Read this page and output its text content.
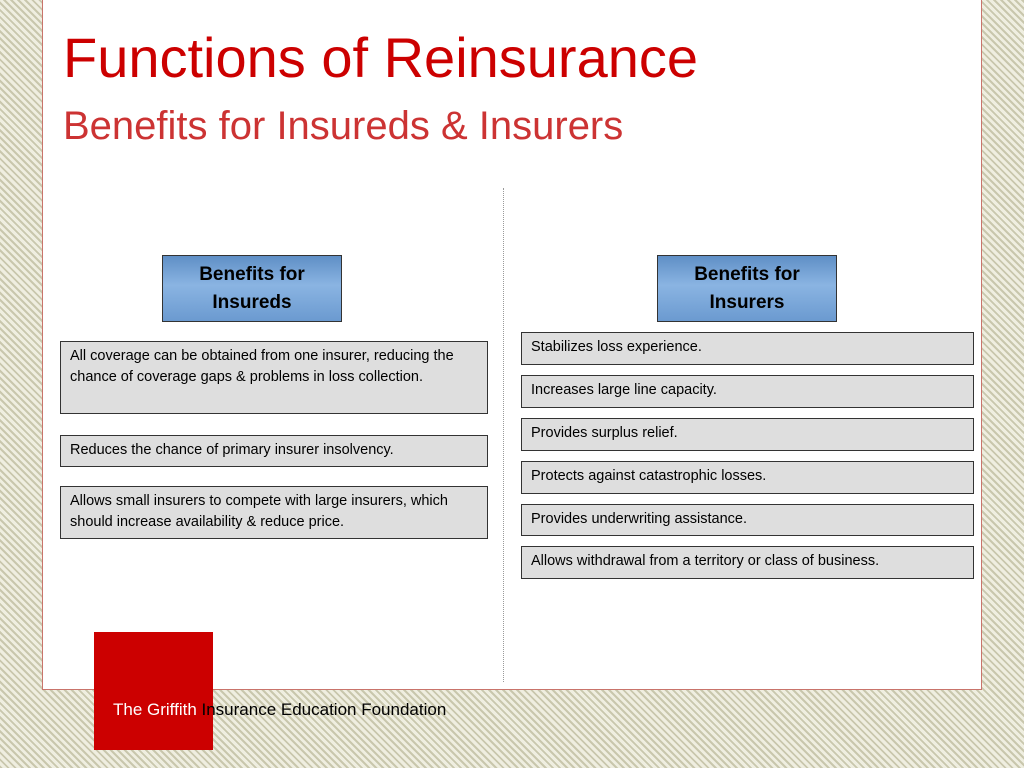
Functions of Reinsurance
Benefits for Insureds & Insurers
Benefits for
Insureds
All coverage can be obtained from one insurer, reducing the chance of coverage gaps & problems in loss collection.
Reduces the chance of primary insurer insolvency.
Allows small insurers to compete with large insurers, which should increase availability & reduce price.
Benefits for
Insurers
Stabilizes loss experience.
Increases large line capacity.
Provides surplus relief.
Protects against catastrophic losses.
Provides underwriting assistance.
Allows withdrawal from a territory or class of business.
The Griffith Insurance Education Foundation
